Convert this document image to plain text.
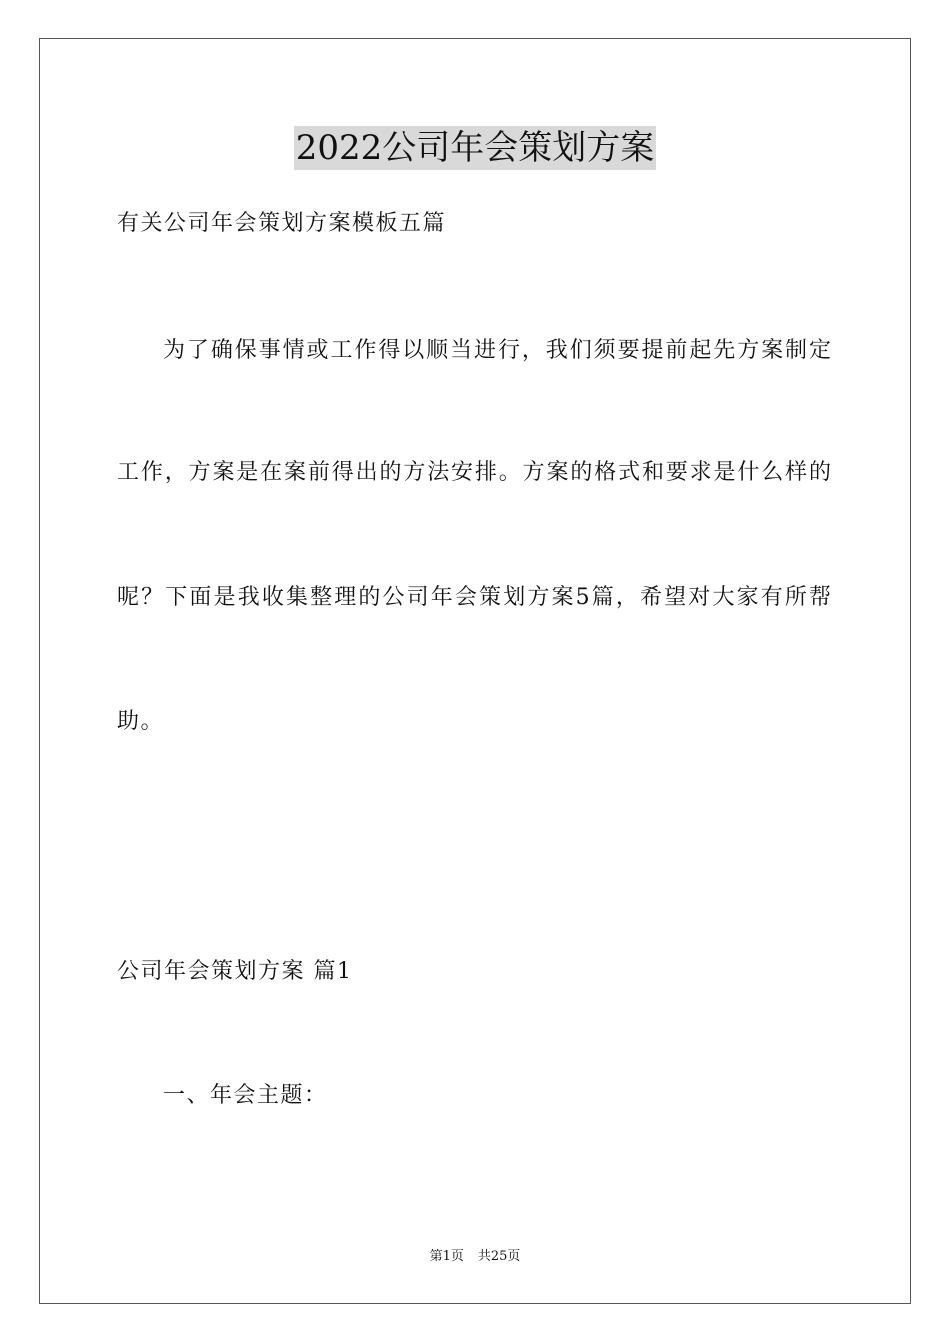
2022公司年会策划方案
有关公司年会策划方案模板五篇
为了确保事情或工作得以顺当进行，我们须要提前起先方案制定
工作，方案是在案前得出的方法安排。方案的格式和要求是什么样的
呢？下面是我收集整理的公司年会策划方案5篇，希望对大家有所帮
助。
公司年会策划方案 篇1
一、年会主题：
第1页 共25页
